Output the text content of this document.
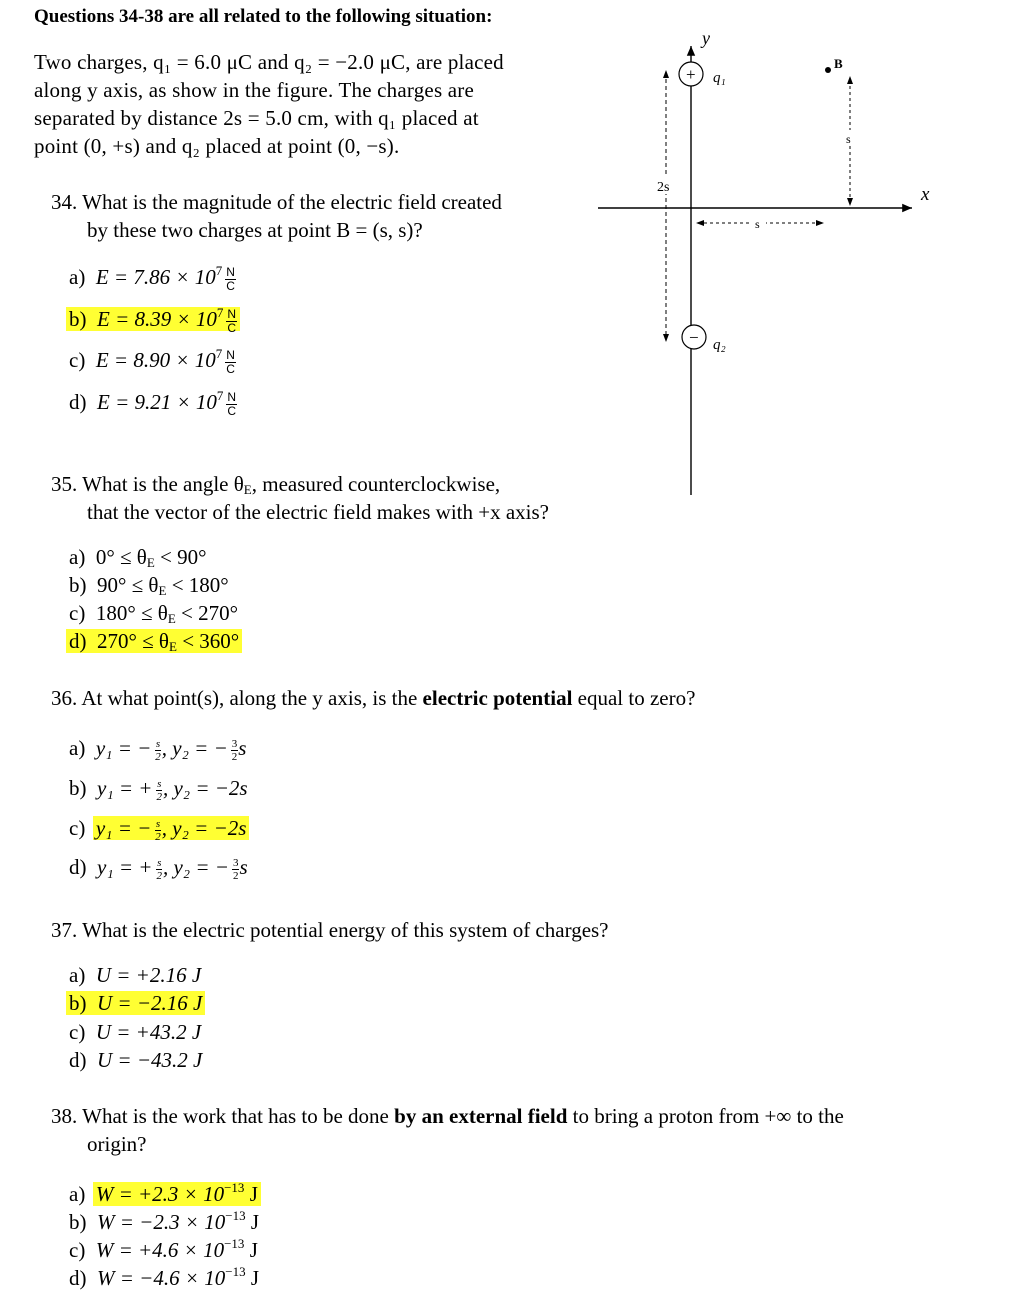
Questions 34-38 are all related to the following situation:
Two charges, q₁ = 6.0 μC and q₂ = −2.0 μC, are placed
along y axis, as show in the figure. The charges are
separated by distance 2s = 5.0 cm, with q₁ placed at
point (0, +s) and q₂ placed at point (0, −s).
y
x
+ q₁
− q₂
2s
B
s
s
34. What is the magnitude of the electric field created
by these two charges at point B = (s, s)?
a) $E = 7.86 \times 10^7 \frac{N}{C}$
b) $E = 8.39 \times 10^7 \frac{N}{C}$
c) $E = 8.90 \times 10^7 \frac{N}{C}$
d) $E = 9.21 \times 10^7 \frac{N}{C}$
35. What is the angle $\theta_E$, measured counterclockwise,
that the vector of the electric field makes with +x axis?
a) $0^\circ \le \theta_E < 90^\circ$
b) $90^\circ \le \theta_E < 180^\circ$
c) $180^\circ \le \theta_E < 270^\circ$
d) $270^\circ \le \theta_E < 360^\circ$
36. At what point(s), along the y axis, is the electric potential equal to zero?
a) y₁ = − $\frac{s}{2}$ , y₂ = − $\frac{3}{2}$ s
b) y₁ = + $\frac{s}{2}$ , y₂ = −2s
c) y₁ = − $\frac{s}{2}$ , y₂ = −2s
d) y₁ = + $\frac{s}{2}$ , y₂ = − $\frac{3}{2}$ s
37. What is the electric potential energy of this system of charges?
a) U = +2.16 J
b) U = −2.16 J
c) U = +43.2 J
d) U = −43.2 J
38. What is the work that has to be done by an external field to bring a proton from +∞ to the
origin?
a) $W = +2.3 \times 10^{-13}$ J
b) $W = -2.3 \times 10^{-13}$ J
c) $W = +4.6 \times 10^{-13}$ J
d) $W = -4.6 \times 10^{-13}$ J
